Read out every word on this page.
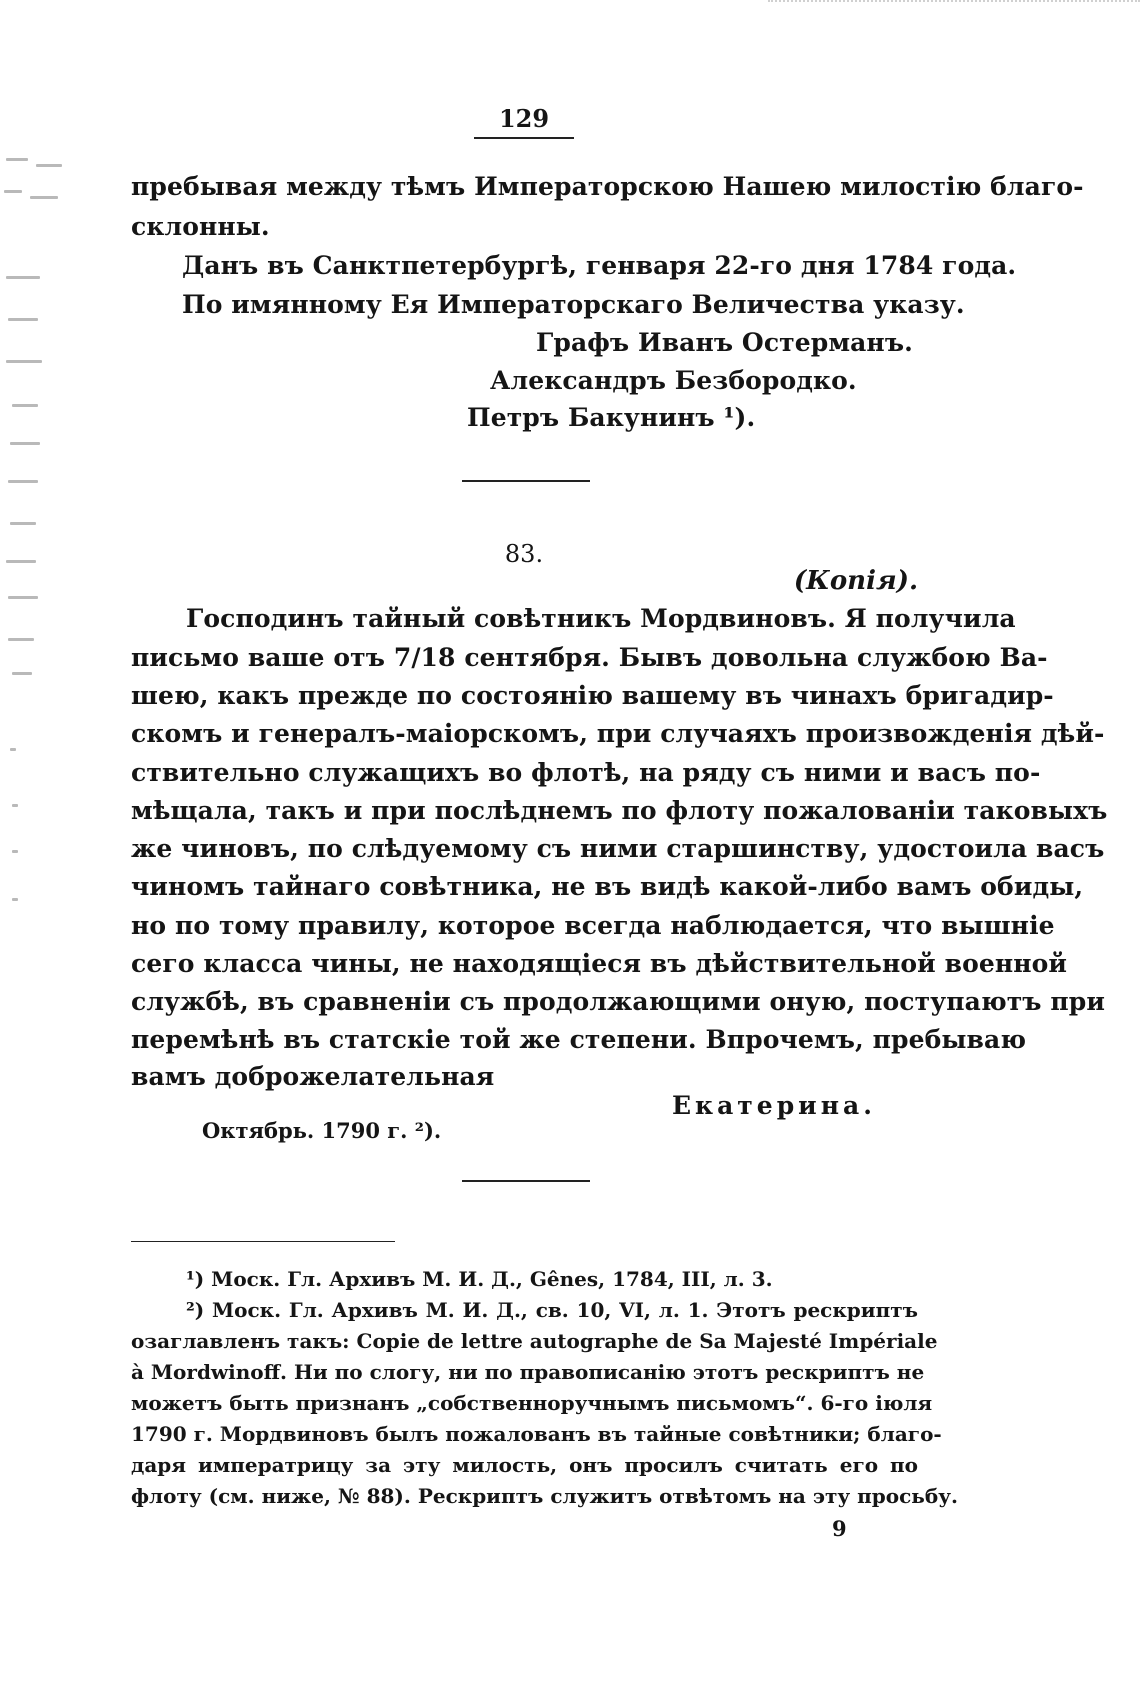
129
пребывая между тѣмъ Императорскою Нашею милостію благо-
склонны.
Данъ въ Санктпетербургѣ, генваря 22-го дня 1784 года.
По имянному Ея Императорскаго Величества указу.
Графъ Иванъ Остерманъ.
Александръ Безбородко.
Петръ Бакунинъ ¹).
83.
(Копія).
Господинъ тайный совѣтникъ Мордвиновъ. Я получила
письмо ваше отъ 7/18 сентября. Бывъ довольна службою Ва-
шею, какъ прежде по состоянію вашему въ чинахъ бригадир-
скомъ и генералъ-маіорскомъ, при случаяхъ произвожденія дѣй-
ствительно служащихъ во флотѣ, на ряду съ ними и васъ по-
мѣщала, такъ и при послѣднемъ по флоту пожалованіи таковыхъ
же чиновъ, по слѣдуемому съ ними старшинству, удостоила васъ
чиномъ тайнаго совѣтника, не въ видѣ какой-либо вамъ обиды,
но по тому правилу, которое всегда наблюдается, что вышніе
сего класса чины, не находящіеся въ дѣйствительной военной
службѣ, въ сравненіи съ продолжающими оную, поступаютъ при
перемѣнѣ въ статскіе той же степени. Впрочемъ, пребываю
вамъ доброжелательная
Екатерина.
Октябрь. 1790 г. ²).
¹) Моск. Гл. Архивъ М. И. Д., Gênes, 1784, III, л. 3.
²) Моск. Гл. Архивъ М. И. Д., св. 10, VI, л. 1. Этотъ рескриптъ
озаглавленъ такъ: Copie de lettre autographe de Sa Majesté Impériale
à Mordwinoff. Ни по слогу, ни по правописанію этотъ рескриптъ не
можетъ быть признанъ „собственноручнымъ письмомъ“. 6-го іюля
1790 г. Мордвиновъ былъ пожалованъ въ тайные совѣтники; благо-
даря императрицу за эту милость, онъ просилъ считать его по
флоту (см. ниже, № 88). Рескриптъ служитъ отвѣтомъ на эту просьбу.
9
